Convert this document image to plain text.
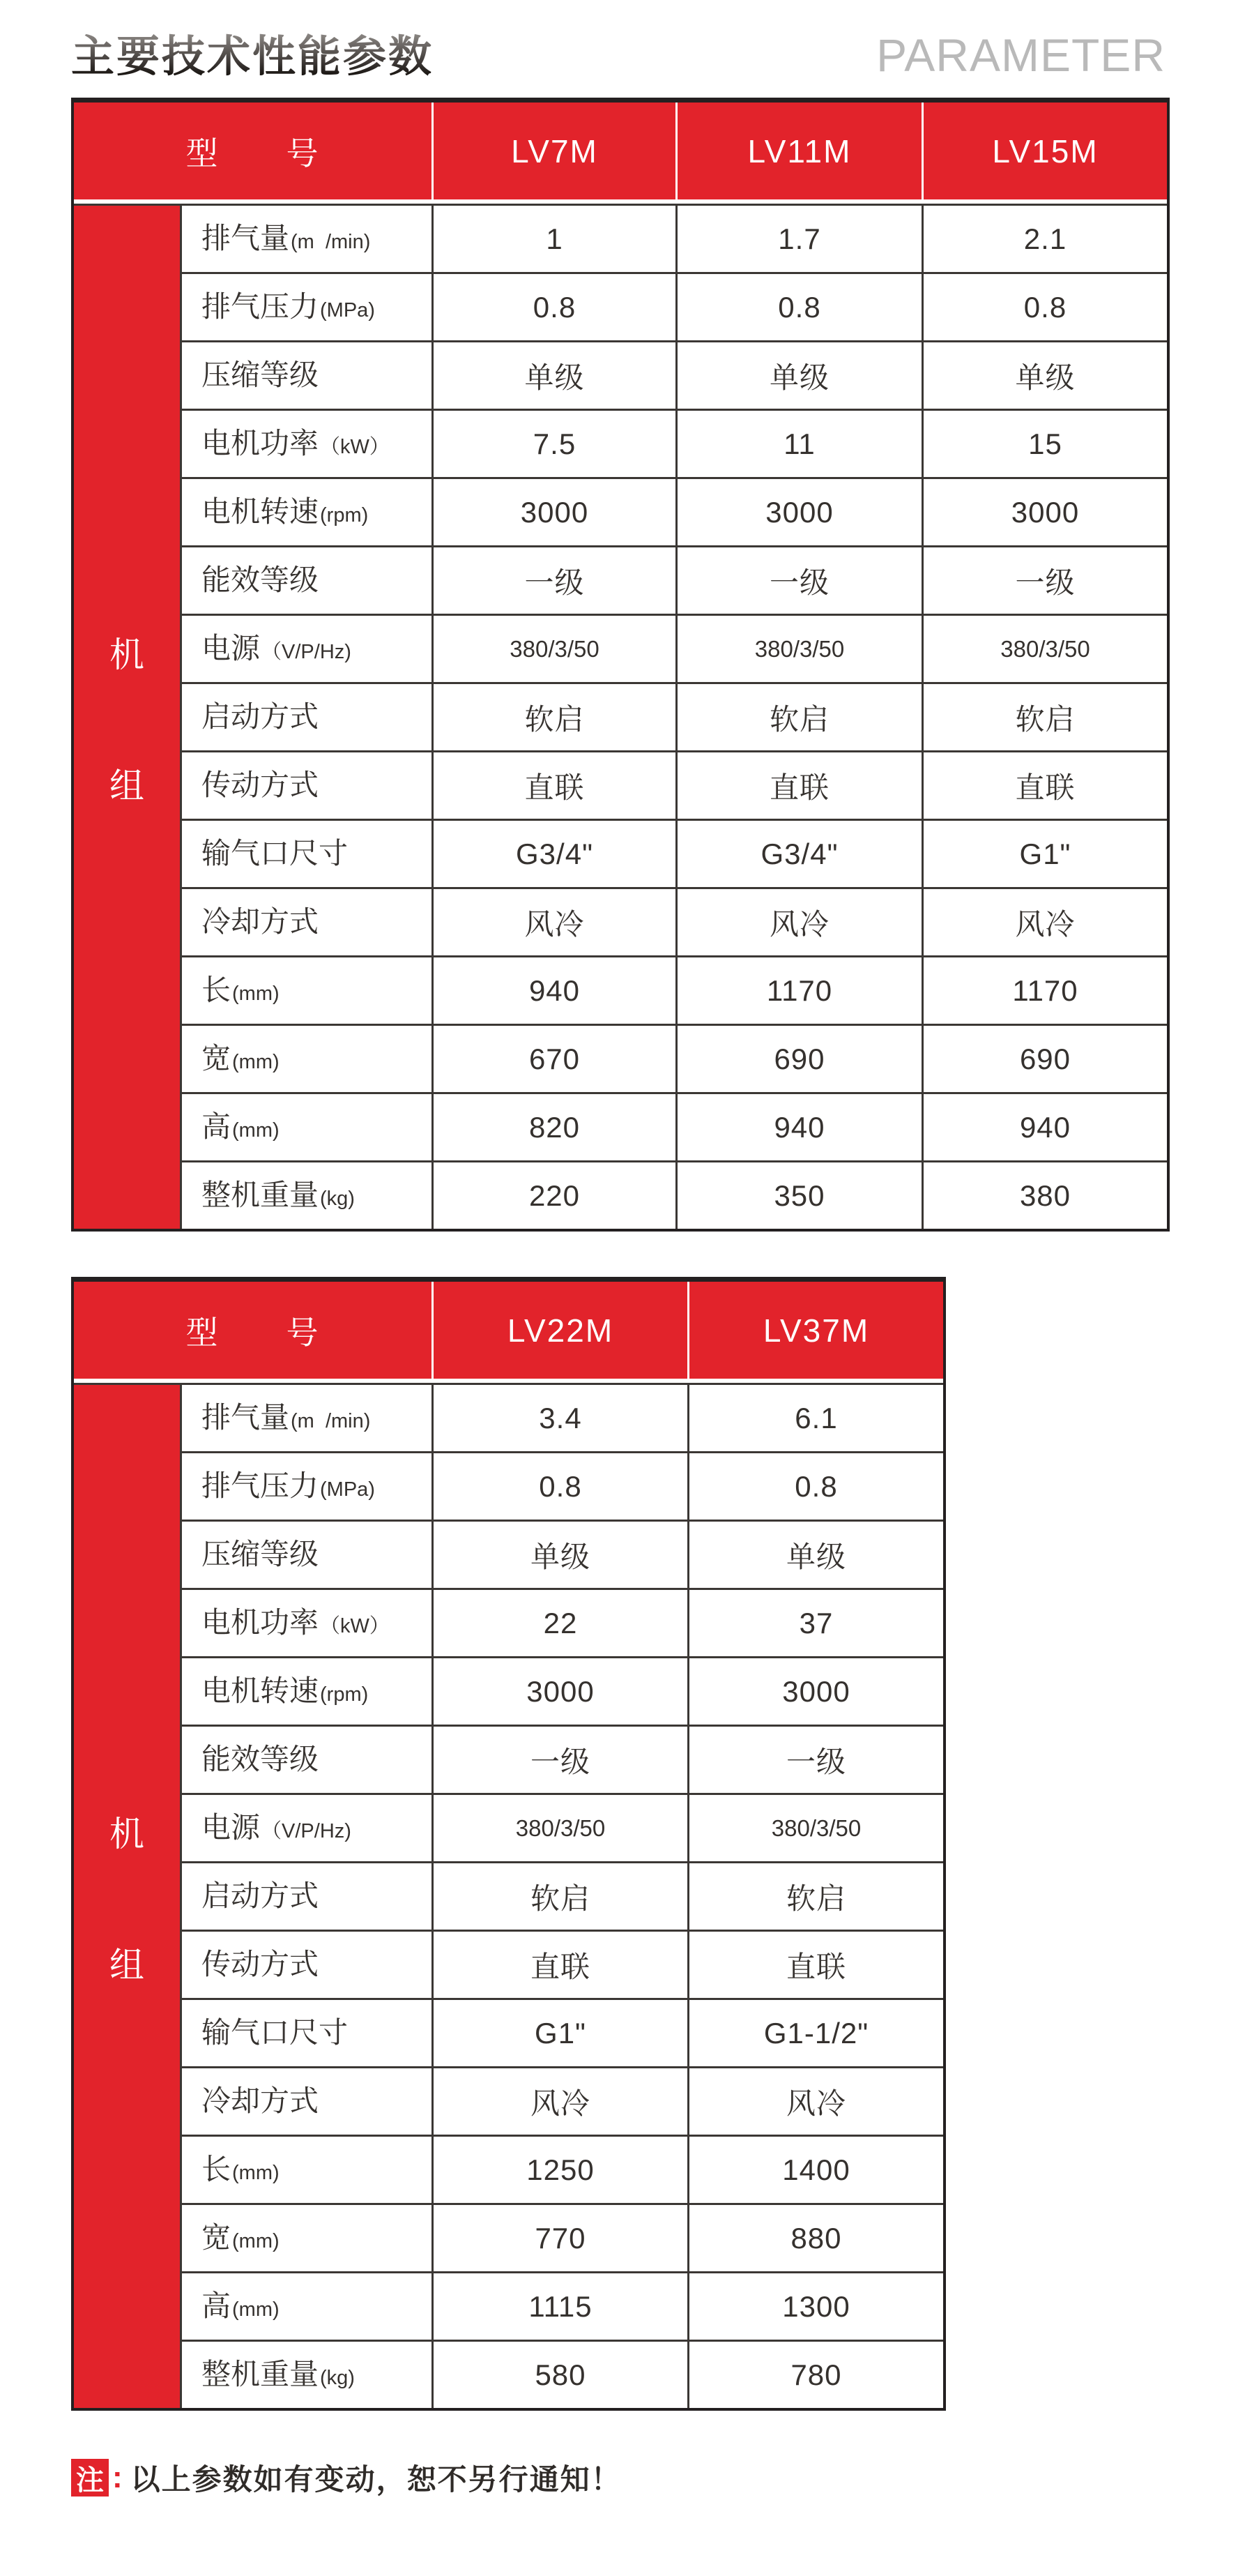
主要技术性能参数	PARAMETER
型　　号	LV7M	LV11M	LV15M
机
组
排气量(m  /min)	1	1.7	2.1
排气压力(MPa)	0.8	0.8	0.8
压缩等级	单级	单级	单级
电机功率（kW）	7.5	11	15
电机转速(rpm)	3000	3000	3000
能效等级	一级	一级	一级
电源（V/P/Hz)	380/3/50	380/3/50	380/3/50
启动方式	软启	软启	软启
传动方式	直联	直联	直联
输气口尺寸	G3/4"	G3/4"	G1"
冷却方式	风冷	风冷	风冷
长(mm)	940	1170	1170
宽(mm)	670	690	690
高(mm)	820	940	940
整机重量(kg)	220	350	380
型　　号	LV22M	LV37M
机
组
排气量(m  /min)	3.4	6.1
排气压力(MPa)	0.8	0.8
压缩等级	单级	单级
电机功率（kW）	22	37
电机转速(rpm)	3000	3000
能效等级	一级	一级
电源（V/P/Hz)	380/3/50	380/3/50
启动方式	软启	软启
传动方式	直联	直联
输气口尺寸	G1"	G1-1/2"
冷却方式	风冷	风冷
长(mm)	1250	1400
宽(mm)	770	880
高(mm)	1115	1300
整机重量(kg)	580	780
注 : 以上参数如有变动，恕不另行通知！
